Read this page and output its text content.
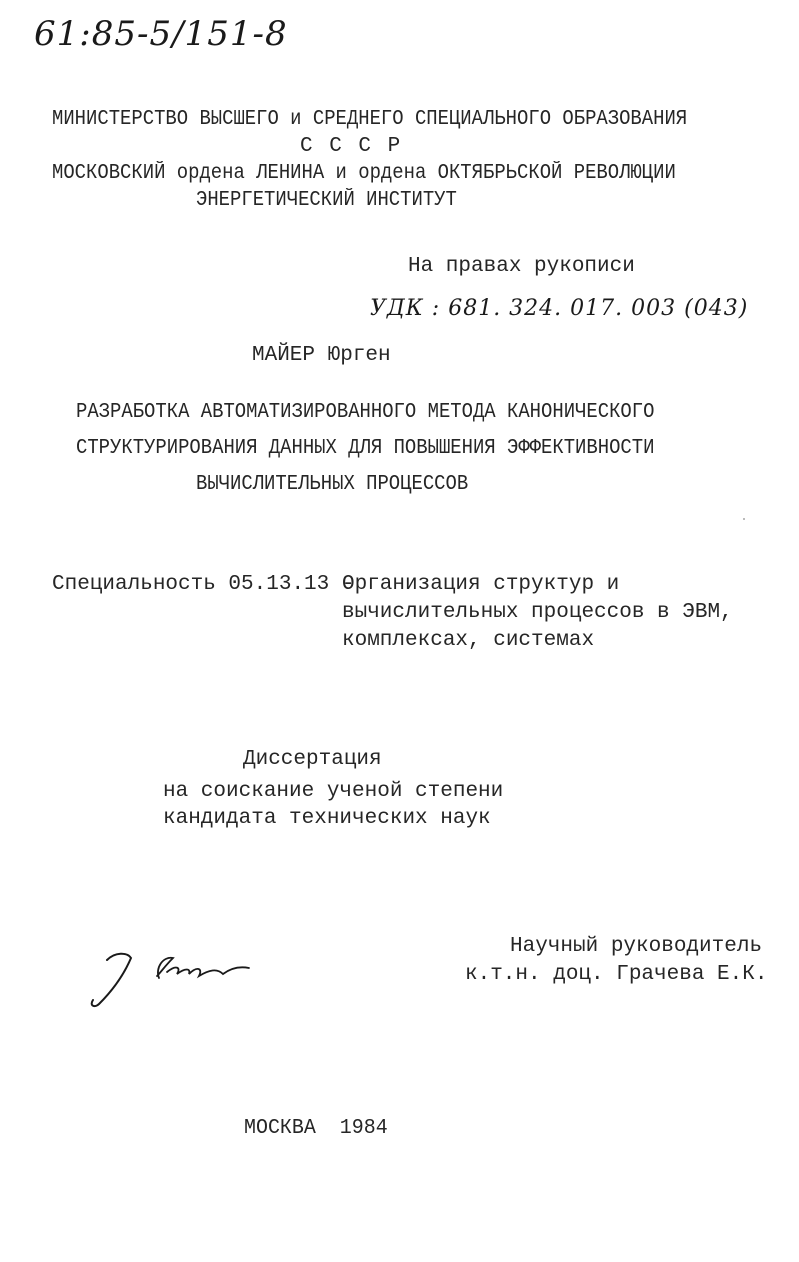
61:85-5/151-8
МИНИСТЕРСТВО ВЫСШЕГО и СРЕДНЕГО СПЕЦИАЛЬНОГО ОБРАЗОВАНИЯ
С С С Р
МОСКОВСКИЙ ордена ЛЕНИНА и ордена ОКТЯБРЬСКОЙ РЕВОЛЮЦИИ
ЭНЕРГЕТИЧЕСКИЙ ИНСТИТУТ
На правах рукописи
УДК : 681. 324. 017. 003 (043)
МАЙЕР Юрген
РАЗРАБОТКА АВТОМАТИЗИРОВАННОГО МЕТОДА КАНОНИЧЕСКОГО
СТРУКТУРИРОВАНИЯ ДАННЫХ ДЛЯ ПОВЫШЕНИЯ ЭФФЕКТИВНОСТИ
ВЫЧИСЛИТЕЛЬНЫХ ПРОЦЕССОВ
Специальность 05.13.13 -
Организация структур и
вычислительных процессов в ЭВМ,
комплексах, системах
Диссертация
на соискание ученой степени
кандидата технических наук
Научный руководитель
к.т.н. доц. Грачева Е.К.
МОСКВА  1984
